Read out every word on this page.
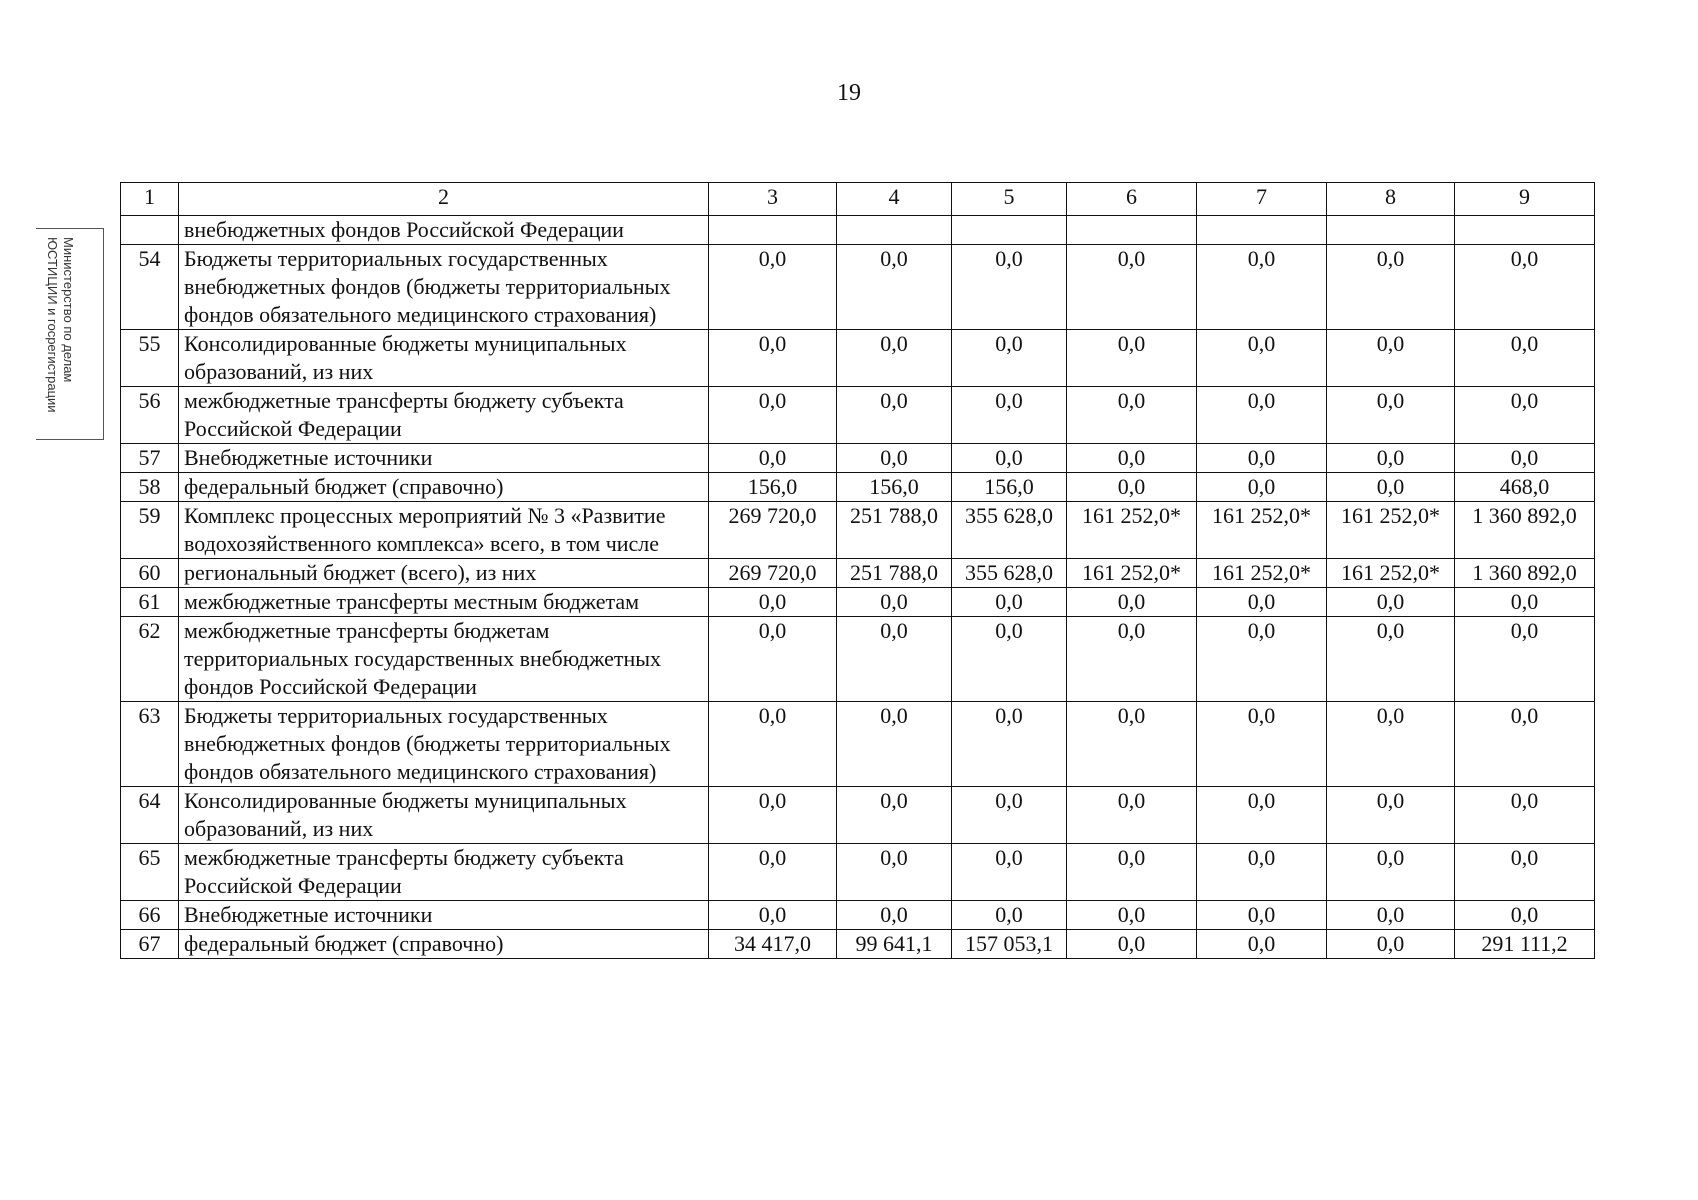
19
Министерство по делам
ЮСТИЦИИ и госрегистрации
1	2	3	4	5	6	7	8	9
	внебюджетных фондов Российской Федерации							
54	Бюджеты территориальных государственных внебюджетных фондов (бюджеты территориальных фондов обязательного медицинского страхования)	0,0	0,0	0,0	0,0	0,0	0,0	0,0
55	Консолидированные бюджеты муниципальных образований, из них	0,0	0,0	0,0	0,0	0,0	0,0	0,0
56	межбюджетные трансферты бюджету субъекта Российской Федерации	0,0	0,0	0,0	0,0	0,0	0,0	0,0
57	Внебюджетные источники	0,0	0,0	0,0	0,0	0,0	0,0	0,0
58	федеральный бюджет (справочно)	156,0	156,0	156,0	0,0	0,0	0,0	468,0
59	Комплекс процессных мероприятий № 3 «Развитие водохозяйственного комплекса» всего, в том числе	269 720,0	251 788,0	355 628,0	161 252,0*	161 252,0*	161 252,0*	1 360 892,0
60	региональный бюджет (всего), из них	269 720,0	251 788,0	355 628,0	161 252,0*	161 252,0*	161 252,0*	1 360 892,0
61	межбюджетные трансферты местным бюджетам	0,0	0,0	0,0	0,0	0,0	0,0	0,0
62	межбюджетные трансферты бюджетам территориальных государственных внебюджетных фондов Российской Федерации	0,0	0,0	0,0	0,0	0,0	0,0	0,0
63	Бюджеты территориальных государственных внебюджетных фондов (бюджеты территориальных фондов обязательного медицинского страхования)	0,0	0,0	0,0	0,0	0,0	0,0	0,0
64	Консолидированные бюджеты муниципальных образований, из них	0,0	0,0	0,0	0,0	0,0	0,0	0,0
65	межбюджетные трансферты бюджету субъекта Российской Федерации	0,0	0,0	0,0	0,0	0,0	0,0	0,0
66	Внебюджетные источники	0,0	0,0	0,0	0,0	0,0	0,0	0,0
67	федеральный бюджет (справочно)	34 417,0	99 641,1	157 053,1	0,0	0,0	0,0	291 111,2
